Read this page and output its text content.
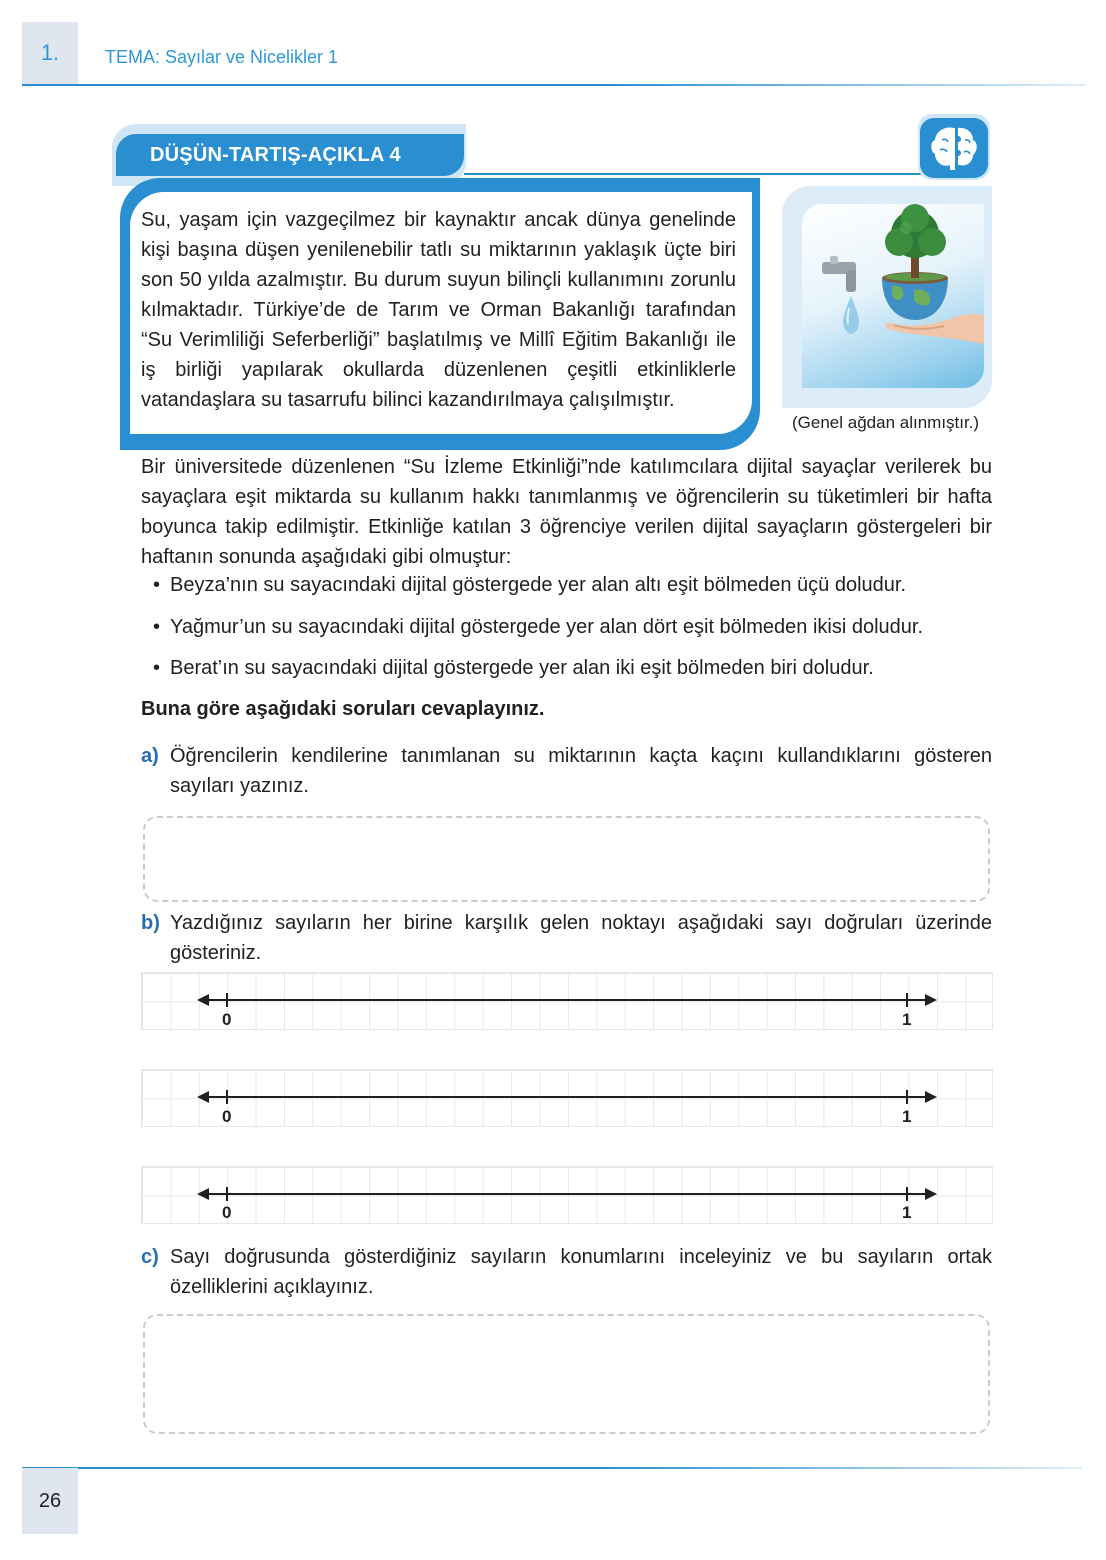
1.	TEMA: Sayılar ve Nicelikler 1
DÜŞÜN-TARTIŞ-AÇIKLA 4
Su, yaşam için vazgeçilmez bir kaynaktır ancak dünya genelinde kişi başına düşen yenilenebilir tatlı su miktarının yaklaşık üçte biri son 50 yılda azalmıştır. Bu durum suyun bilinçli kullanımını zorunlu kılmaktadır. Türkiye’de de Tarım ve Orman Bakanlığı tarafından “Su Verimliliği Seferberliği” başlatılmış ve Millî Eğitim Bakanlığı ile iş birliği yapılarak okullarda düzenlenen çeşitli etkinliklerle vatandaşlara su tasarrufu bilinci kazandırılmaya çalışılmıştır.
(Genel ağdan alınmıştır.)
Bir üniversitede düzenlenen “Su İzleme Etkinliği”nde katılımcılara dijital sayaçlar verilerek bu sayaçlara eşit miktarda su kullanım hakkı tanımlanmış ve öğrencilerin su tüketimleri bir hafta boyunca takip edilmiştir. Etkinliğe katılan 3 öğrenciye verilen dijital sayaçların göstergeleri bir haftanın sonunda aşağıdaki gibi olmuştur:
• Beyza’nın su sayacındaki dijital göstergede yer alan altı eşit bölmeden üçü doludur.
• Yağmur’un su sayacındaki dijital göstergede yer alan dört eşit bölmeden ikisi doludur.
• Berat’ın su sayacındaki dijital göstergede yer alan iki eşit bölmeden biri doludur.
Buna göre aşağıdaki soruları cevaplayınız.
a) Öğrencilerin kendilerine tanımlanan su miktarının kaçta kaçını kullandıklarını gösteren sayıları yazınız.
b) Yazdığınız sayıların her birine karşılık gelen noktayı aşağıdaki sayı doğruları üzerinde gösteriniz.
0	1
0	1
0	1
c) Sayı doğrusunda gösterdiğiniz sayıların konumlarını inceleyiniz ve bu sayıların ortak özelliklerini açıklayınız.
26
